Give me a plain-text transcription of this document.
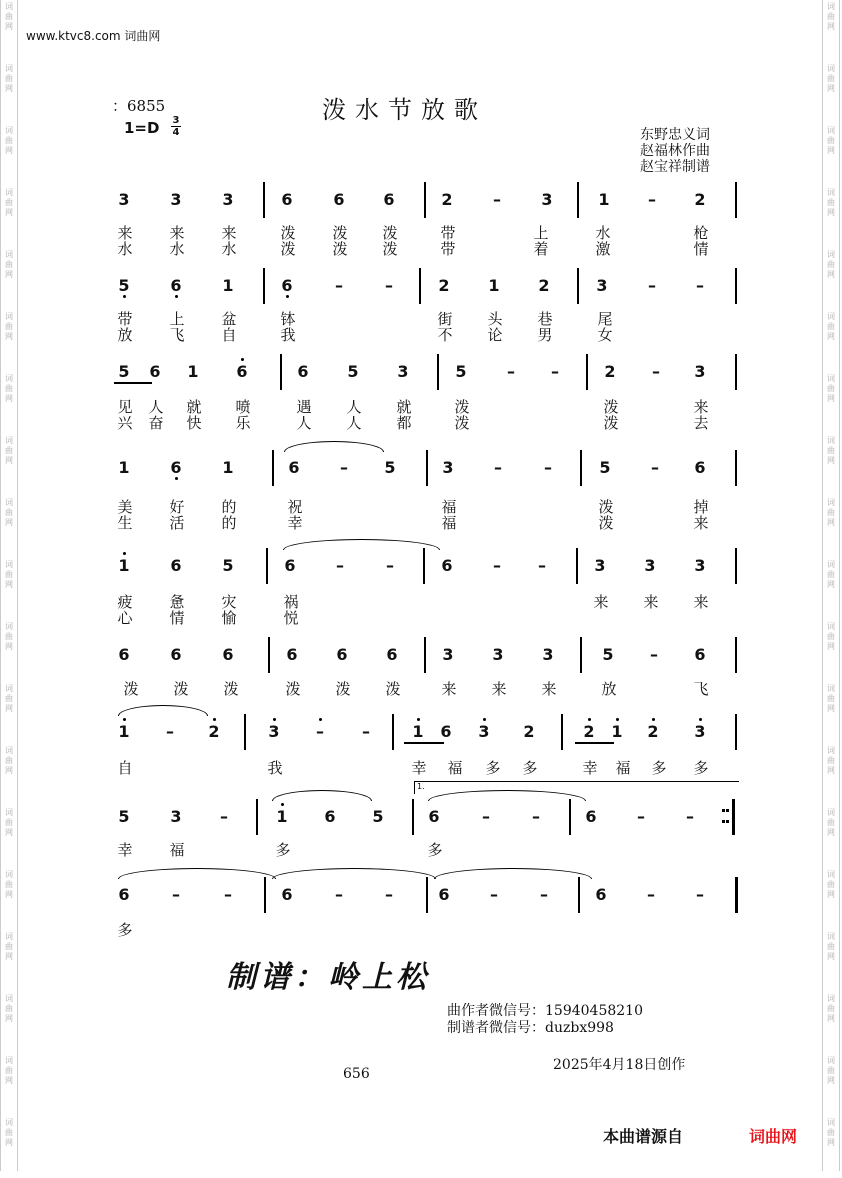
词
曲
网
词
曲
网
词
曲
网
词
曲
网
词
曲
网
词
曲
网
词
曲
网
词
曲
网
词
曲
网
词
曲
网
词
曲
网
词
曲
网
词
曲
网
词
曲
网
词
曲
网
词
曲
网
词
曲
网
词
曲
网
词
曲
网
词
曲
网
词
曲
网
词
曲
网
词
曲
网
词
曲
网
词
曲
网
词
曲
网
词
曲
网
词
曲
网
词
曲
网
词
曲
网
词
曲
网
词
曲
网
词
曲
网
词
曲
网
词
曲
网
词
曲
网
词
曲
网
词
曲
网
www.ktvc8.com 词曲网
：6855
1=D 3
4
泼水节放歌
东野忠义词
赵福林作曲
赵宝祥制谱
3	3	3	6	6 6	2	–	3	1	–	2
来 来 来	泼 泼 泼	带	上	水	枪
水 水 水	泼 泼 泼	带	着	激	情
5	6	1	6	–	–	2 1 2	3	–	–
带 上 盆	钵	街 头 巷	尾
放 飞 自	我	不 论 男	女
5 6 1 6	6 5 3	5	–	–	2	–	3
见 人 就 喷	遇 人 就	泼	泼	来
兴 奋 快 乐	人 人 都	泼	泼	去
1	6	1	6	–	5	3	–	–	5	–	6
美 好 的	祝	福	泼	掉
生 活 的	幸	福	泼	来
1	6	5	6	–	–	6	–	–	3 3 3
疲 惫 灾	祸	来 来 来
心 情 愉	悦
6	6	6	6 6 6	3 3 3	5	–	6
泼 泼 泼	泼 泼 泼	来 来 来	放	飞
1	–	2	3	–	–	1 6 3 2	2 1 2 3
自	我	幸 福 多 多	幸 福 多 多
5	3	–	1 6 5	6	–	–	6	–	–
幸 福	多	多
1.
6	–	–	6	–	–	6	–	–	6	–	–
多
制谱：岭上松
曲作者微信号：15940458210
制谱者微信号：duzbx998
2025年4月18日创作
656
本曲谱源自	词曲网
